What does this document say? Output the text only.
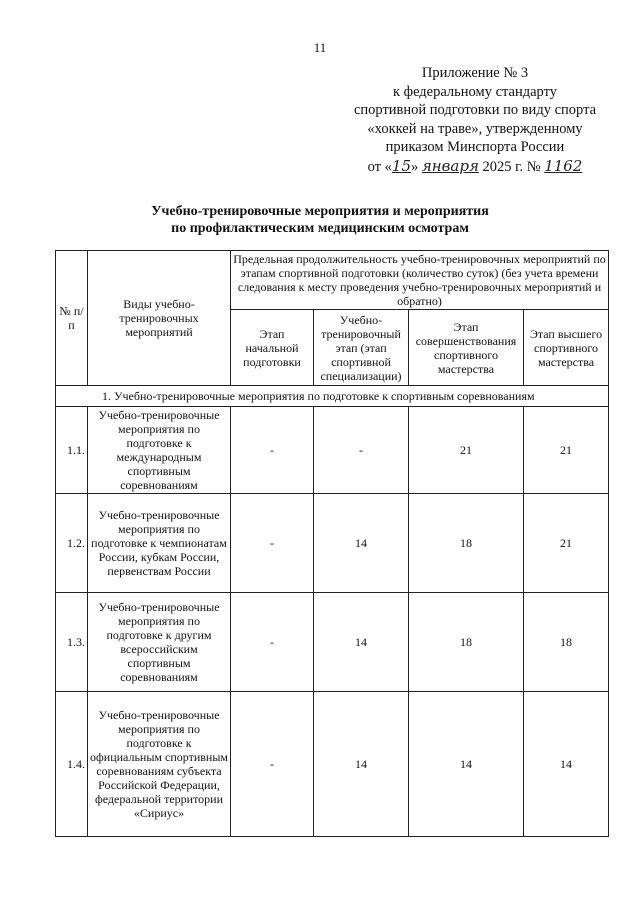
11
Приложение № 3
к федеральному стандарту
спортивной подготовки по виду спорта
«хоккей на траве», утвержденному
приказом Минспорта России
от «15» января 2025 г. № 1162
Учебно-тренировочные мероприятия и мероприятия
по профилактическим медицинским осмотрам
№ п/п	Виды учебно-тренировочных мероприятий	Предельная продолжительность учебно-тренировочных мероприятий по этапам спортивной подготовки (количество суток) (без учета времени следования к месту проведения учебно-тренировочных мероприятий и обратно)			
		Этап начальной подготовки	Учебно-тренировочный этап (этап спортивной специализации)	Этап совершенствования спортивного мастерства	Этап высшего спортивного мастерства
1. Учебно-тренировочные мероприятия по подготовке к спортивным соревнованиям					
1.1.	Учебно-тренировочные мероприятия по подготовке к международным спортивным соревнованиям	-	-	21	21
1.2.	Учебно-тренировочные мероприятия по подготовке к чемпионатам России, кубкам России, первенствам России	-	14	18	21
1.3.	Учебно-тренировочные мероприятия по подготовке к другим всероссийским спортивным соревнованиям	-	14	18	18
1.4.	Учебно-тренировочные мероприятия по подготовке к официальным спортивным соревнованиям субъекта Российской Федерации, федеральной территории «Сириус»	-	14	14	14
